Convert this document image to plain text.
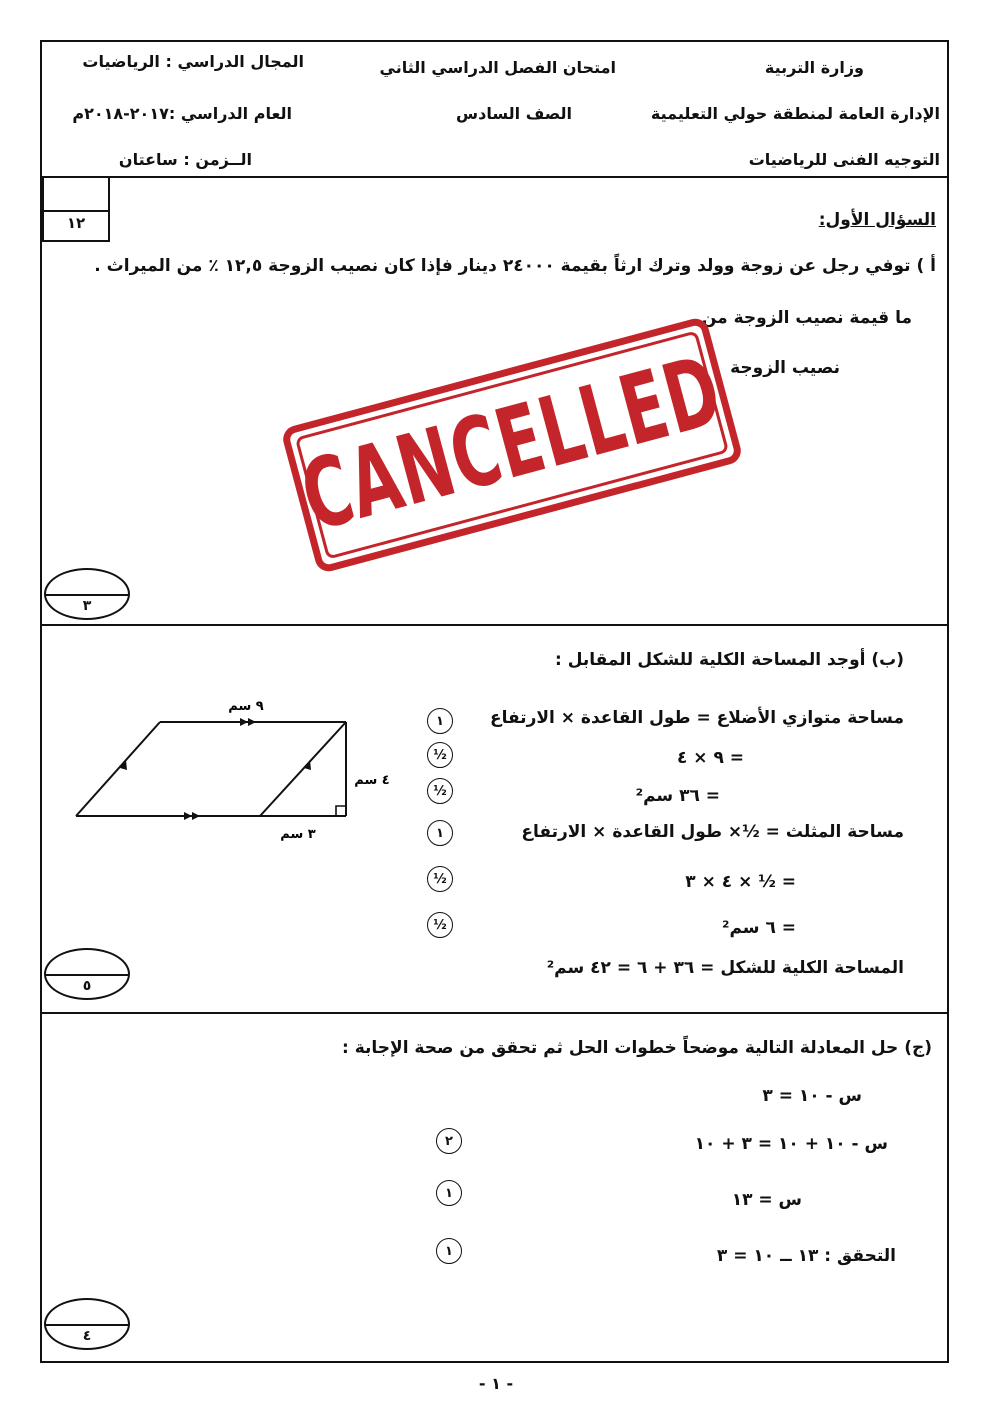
وزارة التربية
الإدارة العامة لمنطقة حولي التعليمية
التوجيه الفنى للرياضيات
امتحان الفصل الدراسي الثاني
الصف السادس
المجال الدراسي : الرياضيات
العام الدراسي :٢٠١٧-٢٠١٨م
الــزمن : ساعتان
١٢	السؤال الأول:
أ ) توفي رجل عن زوجة وولد وترك ارثاً بقيمة ٢٤٠٠٠ دينار فإذا كان نصيب الزوجة ١٢,٥ ٪ من الميراث .
ما قيمة نصيب الزوجة من
نصيب الزوجة
CANCELLED
٣
(ب) أوجد المساحة الكلية للشكل المقابل :
مساحة متوازي الأضلاع = طول القاعدة × الارتفاع
= ٩ × ٤
= ٣٦ سم²
مساحة المثلث = ½× طول القاعدة × الارتفاع
= ½ × ٤ × ٣
= ٦ سم²
المساحة الكلية للشكل = ٣٦ + ٦ = ٤٢ سم²
١
½
½
١
½
½
٩ سم
٤ سم
٣ سم
٥
(ج) حل المعادلة التالية موضحاً خطوات الحل ثم تحقق من صحة الإجابة :
س - ١٠ = ٣
س - ١٠ + ١٠ = ٣ + ١٠
س = ١٣
التحقق : ١٣ ــ ١٠ = ٣
٢
١
١
٤
- ١ -
